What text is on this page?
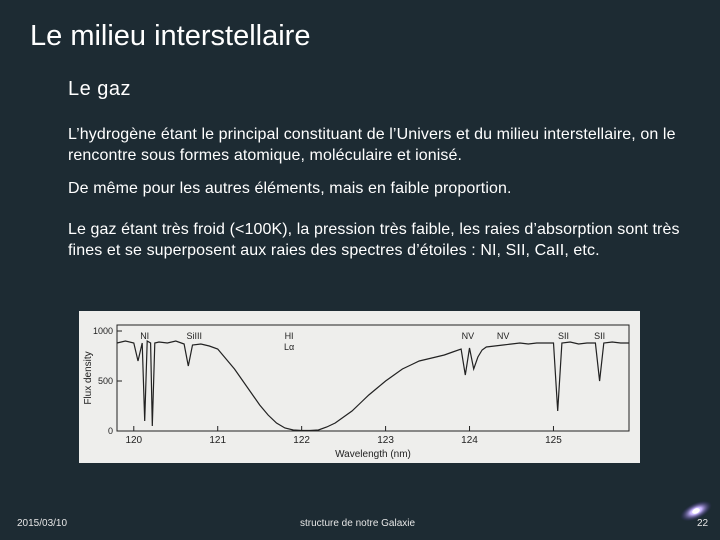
Le milieu interstellaire
Le gaz
L’hydrogène étant le principal constituant de l’Univers et du milieu interstellaire, on le rencontre sous formes atomique, moléculaire et ionisé.
De même pour les autres éléments, mais en faible proportion.
Le gaz étant très froid (<100K), la pression très faible, les raies d’absorption sont très fines et se superposent aux raies des spectres d’étoiles : NI, SII, CaII, etc.
Flux density
Wavelength (nm)
120	121	122	123	124	125
0
500
1000	NI	SiIII	HI
Lα
NV	NV	SII	SII
2015/03/10	structure de notre Galaxie	22
